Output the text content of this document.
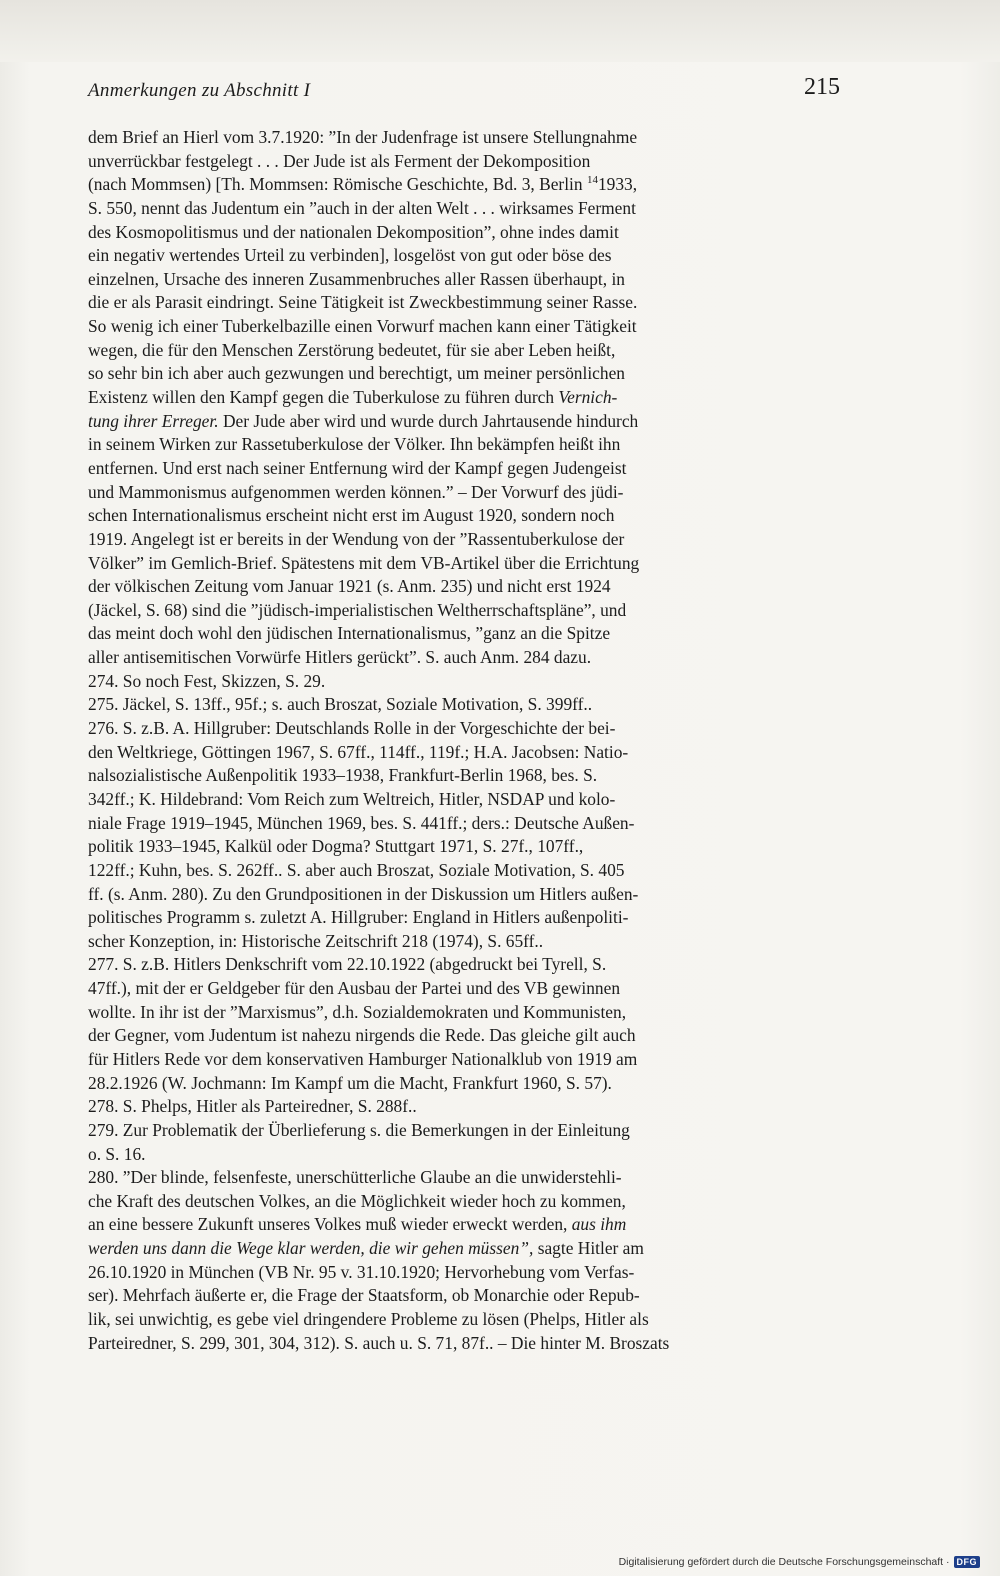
Anmerkungen zu Abschnitt I	215
dem Brief an Hierl vom 3.7.1920: ”In der Judenfrage ist unsere Stellungnahme
unverrückbar festgelegt . . . Der Jude ist als Ferment der Dekomposition
(nach Mommsen) [Th. Mommsen: Römische Geschichte, Bd. 3, Berlin $^{14}$1933,
S. 550, nennt das Judentum ein ”auch in der alten Welt . . . wirksames Ferment
des Kosmopolitismus und der nationalen Dekomposition”, ohne indes damit
ein negativ wertendes Urteil zu verbinden], losgelöst von gut oder böse des
einzelnen, Ursache des inneren Zusammenbruches aller Rassen überhaupt, in
die er als Parasit eindringt. Seine Tätigkeit ist Zweckbestimmung seiner Rasse.
So wenig ich einer Tuberkelbazille einen Vorwurf machen kann einer Tätigkeit
wegen, die für den Menschen Zerstörung bedeutet, für sie aber Leben heißt,
so sehr bin ich aber auch gezwungen und berechtigt, um meiner persönlichen
Existenz willen den Kampf gegen die Tuberkulose zu führen durch Vernich-
tung ihrer Erreger. Der Jude aber wird und wurde durch Jahrtausende hindurch
in seinem Wirken zur Rassetuberkulose der Völker. Ihn bekämpfen heißt ihn
entfernen. Und erst nach seiner Entfernung wird der Kampf gegen Judengeist
und Mammonismus aufgenommen werden können.” – Der Vorwurf des jüdi-
schen Internationalismus erscheint nicht erst im August 1920, sondern noch
1919. Angelegt ist er bereits in der Wendung von der ”Rassentuberkulose der
Völker” im Gemlich-Brief. Spätestens mit dem VB-Artikel über die Errichtung
der völkischen Zeitung vom Januar 1921 (s. Anm. 235) und nicht erst 1924
(Jäckel, S. 68) sind die ”jüdisch-imperialistischen Weltherrschaftspläne”, und
das meint doch wohl den jüdischen Internationalismus, ”ganz an die Spitze
aller antisemitischen Vorwürfe Hitlers gerückt”. S. auch Anm. 284 dazu.
274. So noch Fest, Skizzen, S. 29.
275. Jäckel, S. 13ff., 95f.; s. auch Broszat, Soziale Motivation, S. 399ff..
276. S. z.B. A. Hillgruber: Deutschlands Rolle in der Vorgeschichte der bei-
den Weltkriege, Göttingen 1967, S. 67ff., 114ff., 119f.; H.A. Jacobsen: Natio-
nalsozialistische Außenpolitik 1933–1938, Frankfurt-Berlin 1968, bes. S.
342ff.; K. Hildebrand: Vom Reich zum Weltreich, Hitler, NSDAP und kolo-
niale Frage 1919–1945, München 1969, bes. S. 441ff.; ders.: Deutsche Außen-
politik 1933–1945, Kalkül oder Dogma? Stuttgart 1971, S. 27f., 107ff.,
122ff.; Kuhn, bes. S. 262ff.. S. aber auch Broszat, Soziale Motivation, S. 405
ff. (s. Anm. 280). Zu den Grundpositionen in der Diskussion um Hitlers außen-
politisches Programm s. zuletzt A. Hillgruber: England in Hitlers außenpoliti-
scher Konzeption, in: Historische Zeitschrift 218 (1974), S. 65ff..
277. S. z.B. Hitlers Denkschrift vom 22.10.1922 (abgedruckt bei Tyrell, S.
47ff.), mit der er Geldgeber für den Ausbau der Partei und des VB gewinnen
wollte. In ihr ist der ”Marxismus”, d.h. Sozialdemokraten und Kommunisten,
der Gegner, vom Judentum ist nahezu nirgends die Rede. Das gleiche gilt auch
für Hitlers Rede vor dem konservativen Hamburger Nationalklub von 1919 am
28.2.1926 (W. Jochmann: Im Kampf um die Macht, Frankfurt 1960, S. 57).
278. S. Phelps, Hitler als Parteiredner, S. 288f..
279. Zur Problematik der Überlieferung s. die Bemerkungen in der Einleitung
o. S. 16.
280. ”Der blinde, felsenfeste, unerschütterliche Glaube an die unwiderstehli-
che Kraft des deutschen Volkes, an die Möglichkeit wieder hoch zu kommen,
an eine bessere Zukunft unseres Volkes muß wieder erweckt werden, aus ihm
werden uns dann die Wege klar werden, die wir gehen müssen”, sagte Hitler am
26.10.1920 in München (VB Nr. 95 v. 31.10.1920; Hervorhebung vom Verfas-
ser). Mehrfach äußerte er, die Frage der Staatsform, ob Monarchie oder Repub-
lik, sei unwichtig, es gebe viel dringendere Probleme zu lösen (Phelps, Hitler als
Parteiredner, S. 299, 301, 304, 312). S. auch u. S. 71, 87f.. – Die hinter M. Broszats
Digitalisierung gefördert durch die Deutsche Forschungsgemeinschaft · DFG
